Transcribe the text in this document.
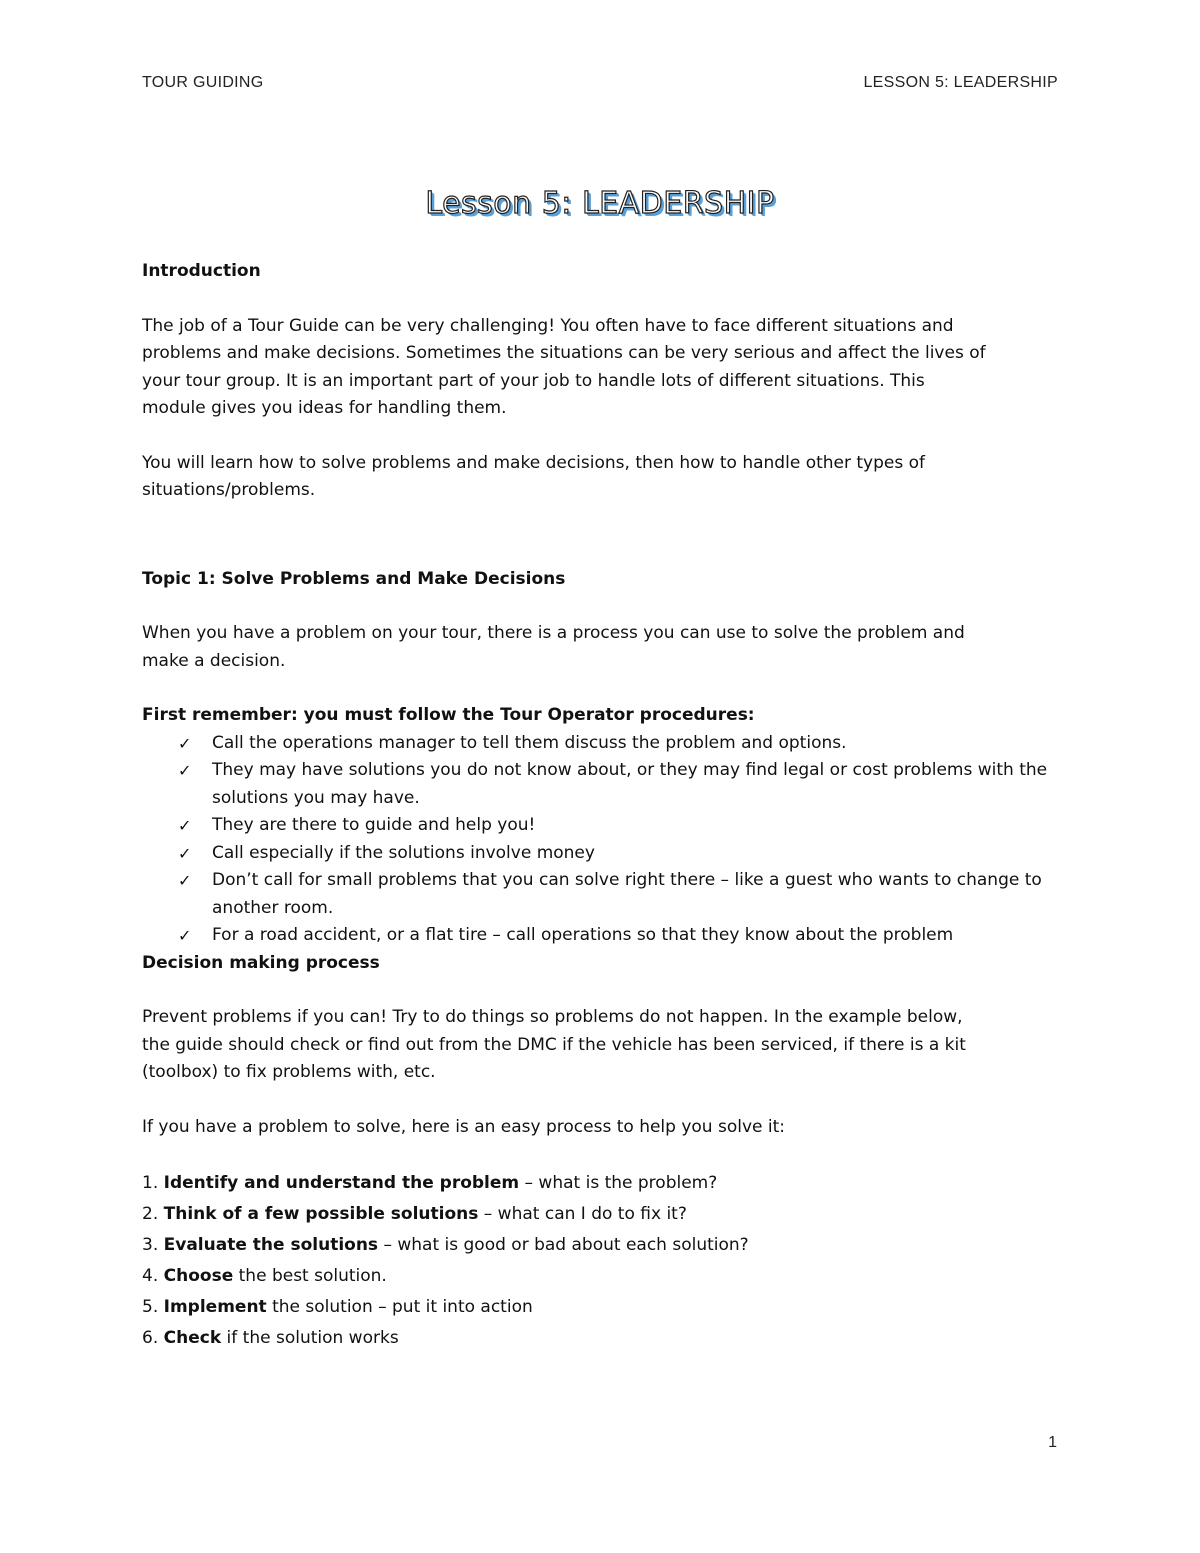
TOUR GUIDING	LESSON 5: LEADERSHIP
Lesson 5: LEADERSHIP

Introduction

The job of a Tour Guide can be very challenging! You often have to face different situations and problems and make decisions. Sometimes the situations can be very serious and affect the lives of your tour group. It is an important part of your job to handle lots of different situations. This module gives you ideas for handling them.

You will learn how to solve problems and make decisions, then how to handle other types of situations/problems.

Topic 1: Solve Problems and Make Decisions

When you have a problem on your tour, there is a process you can use to solve the problem and make a decision.

First remember: you must follow the Tour Operator procedures:

✓ Call the operations manager to tell them discuss the problem and options.
✓ They may have solutions you do not know about, or they may find legal or cost problems with the solutions you may have.
✓ They are there to guide and help you!
✓ Call especially if the solutions involve money
✓ Don’t call for small problems that you can solve right there – like a guest who wants to change to another room.
✓ For a road accident, or a flat tire – call operations so that they know about the problem

Decision making process

Prevent problems if you can! Try to do things so problems do not happen. In the example below, the guide should check or find out from the DMC if the vehicle has been serviced, if there is a kit (toolbox) to fix problems with, etc.

If you have a problem to solve, here is an easy process to help you solve it:

1. Identify and understand the problem – what is the problem?
2. Think of a few possible solutions – what can I do to fix it?
3. Evaluate the solutions – what is good or bad about each solution?
4. Choose the best solution.
5. Implement the solution – put it into action
6. Check if the solution works
1
